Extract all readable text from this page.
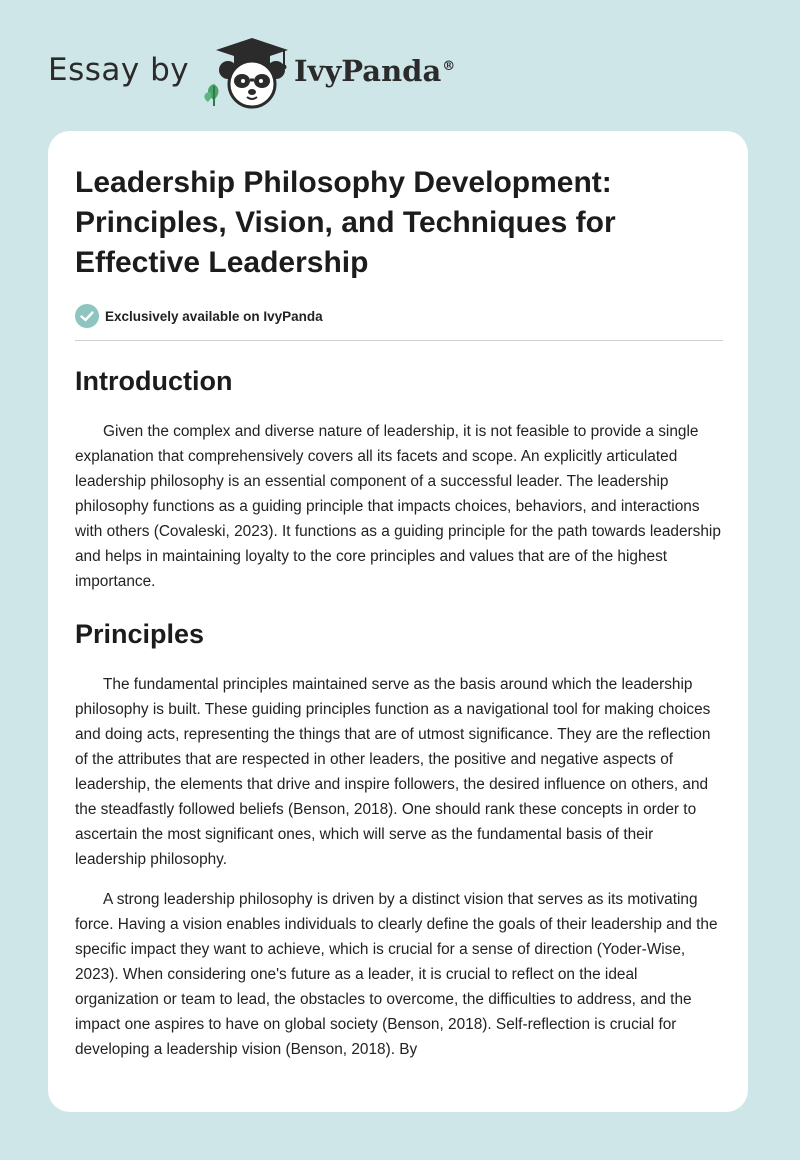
Essay by	IvyPanda®
Leadership Philosophy Development: Principles, Vision, and Techniques for Effective Leadership
Exclusively available on IvyPanda
Introduction

Given the complex and diverse nature of leadership, it is not feasible to provide a single explanation that comprehensively covers all its facets and scope. An explicitly articulated leadership philosophy is an essential component of a successful leader. The leadership philosophy functions as a guiding principle that impacts choices, behaviors, and interactions with others (Covaleski, 2023). It functions as a guiding principle for the path towards leadership and helps in maintaining loyalty to the core principles and values that are of the highest importance.

Principles

The fundamental principles maintained serve as the basis around which the leadership philosophy is built. These guiding principles function as a navigational tool for making choices and doing acts, representing the things that are of utmost significance. They are the reflection of the attributes that are respected in other leaders, the positive and negative aspects of leadership, the elements that drive and inspire followers, the desired influence on others, and the steadfastly followed beliefs (Benson, 2018). One should rank these concepts in order to ascertain the most significant ones, which will serve as the fundamental basis of their leadership philosophy.

A strong leadership philosophy is driven by a distinct vision that serves as its motivating force. Having a vision enables individuals to clearly define the goals of their leadership and the specific impact they want to achieve, which is crucial for a sense of direction (Yoder-Wise, 2023). When considering one's future as a leader, it is crucial to reflect on the ideal organization or team to lead, the obstacles to overcome, the difficulties to address, and the impact one aspires to have on global society (Benson, 2018). Self-reflection is crucial for developing a leadership vision (Benson, 2018). By
